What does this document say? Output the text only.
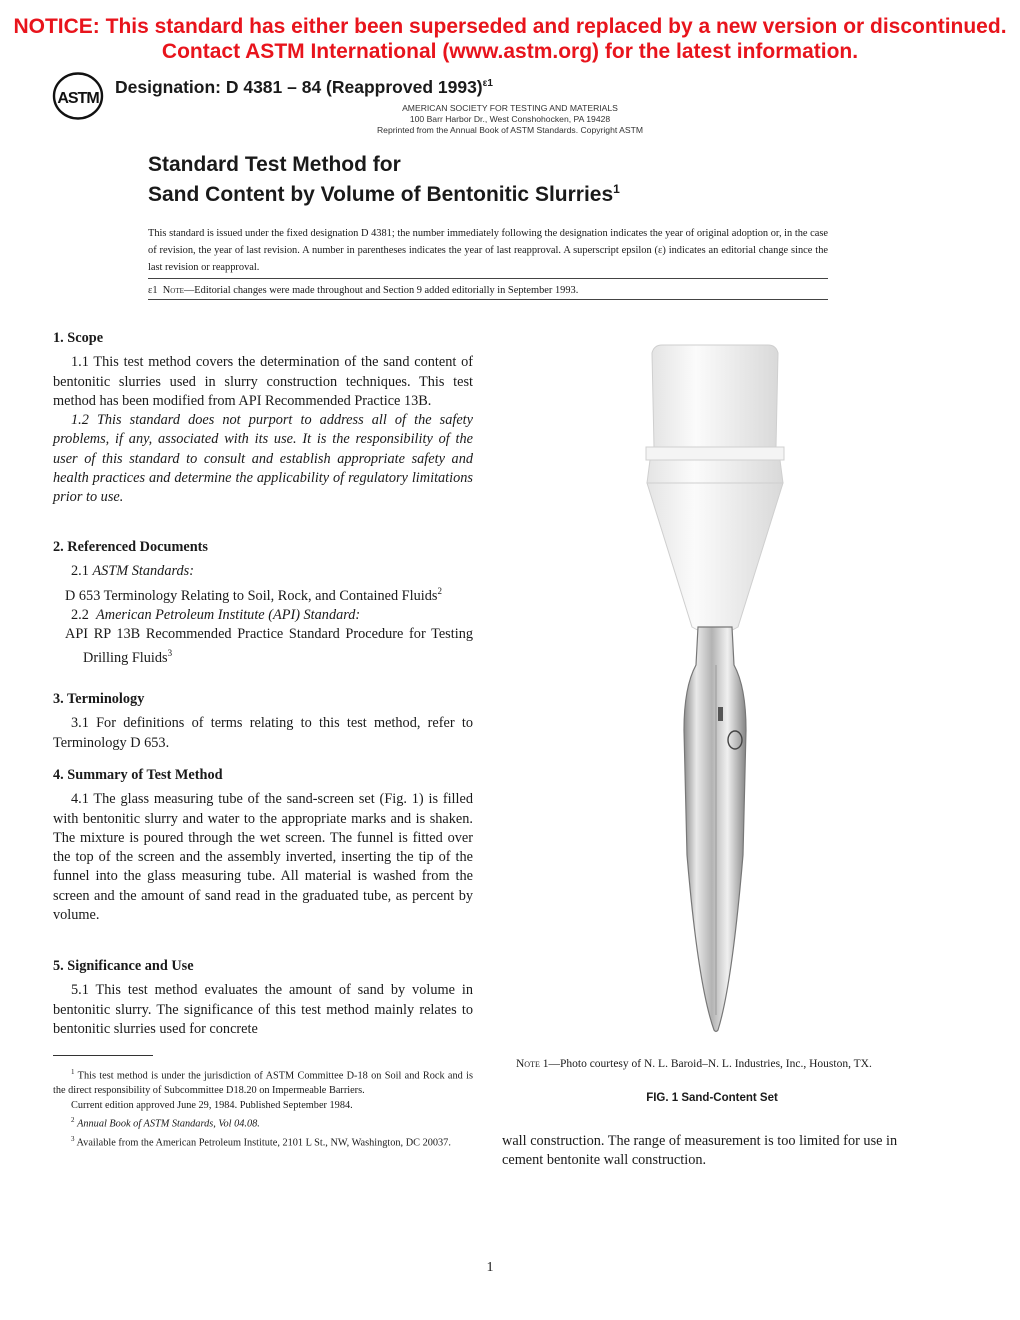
NOTICE: This standard has either been superseded and replaced by a new version or discontinued.
Contact ASTM International (www.astm.org) for the latest information.
ASTM
Designation: D 4381 – 84 (Reapproved 1993)$^{\varepsilon 1}$
AMERICAN SOCIETY FOR TESTING AND MATERIALS
100 Barr Harbor Dr., West Conshohocken, PA 19428
Reprinted from the Annual Book of ASTM Standards. Copyright ASTM
Standard Test Method for
Sand Content by Volume of Bentonitic Slurries$^1$
This standard is issued under the fixed designation D 4381; the number immediately following the designation indicates the year of original adoption or, in the case of revision, the year of last revision. A number in parentheses indicates the year of last reapproval. A superscript epsilon (ε) indicates an editorial change since the last revision or reapproval.
ε1 Note—Editorial changes were made throughout and Section 9 added editorially in September 1993.
1. Scope

1.1 This test method covers the determination of the sand content of bentonitic slurries used in slurry construction techniques. This test method has been modified from API Recommended Practice 13B.

1.2 This standard does not purport to address all of the safety problems, if any, associated with its use. It is the responsibility of the user of this standard to consult and establish appropriate safety and health practices and determine the applicability of regulatory limitations prior to use.

2. Referenced Documents

2.1 ASTM Standards:

D 653 Terminology Relating to Soil, Rock, and Contained Fluids$^2$

2.2 American Petroleum Institute (API) Standard:

API RP 13B Recommended Practice Standard Procedure for Testing Drilling Fluids$^3$

3. Terminology

3.1 For definitions of terms relating to this test method, refer to Terminology D 653.

4. Summary of Test Method

4.1 The glass measuring tube of the sand-screen set (Fig. 1) is filled with bentonitic slurry and water to the appropriate marks and is shaken. The mixture is poured through the wet screen. The funnel is fitted over the top of the screen and the assembly inverted, inserting the tip of the funnel into the glass measuring tube. All material is washed from the screen and the amount of sand read in the graduated tube, as percent by volume.

5. Significance and Use

5.1 This test method evaluates the amount of sand by volume in bentonitic slurry. The significance of this test method mainly relates to bentonitic slurries used for concrete

$^1$ This test method is under the jurisdiction of ASTM Committee D-18 on Soil and Rock and is the direct responsibility of Subcommittee D18.20 on Impermeable Barriers.

Current edition approved June 29, 1984. Published September 1984.

$^2$ Annual Book of ASTM Standards, Vol 04.08.

$^3$ Available from the American Petroleum Institute, 2101 L St., NW, Washington, DC 20037.

Note 1—Photo courtesy of N. L. Baroid–N. L. Industries, Inc., Houston, TX.
FIG. 1 Sand-Content Set
wall construction. The range of measurement is too limited for use in cement bentonite wall construction.
1
